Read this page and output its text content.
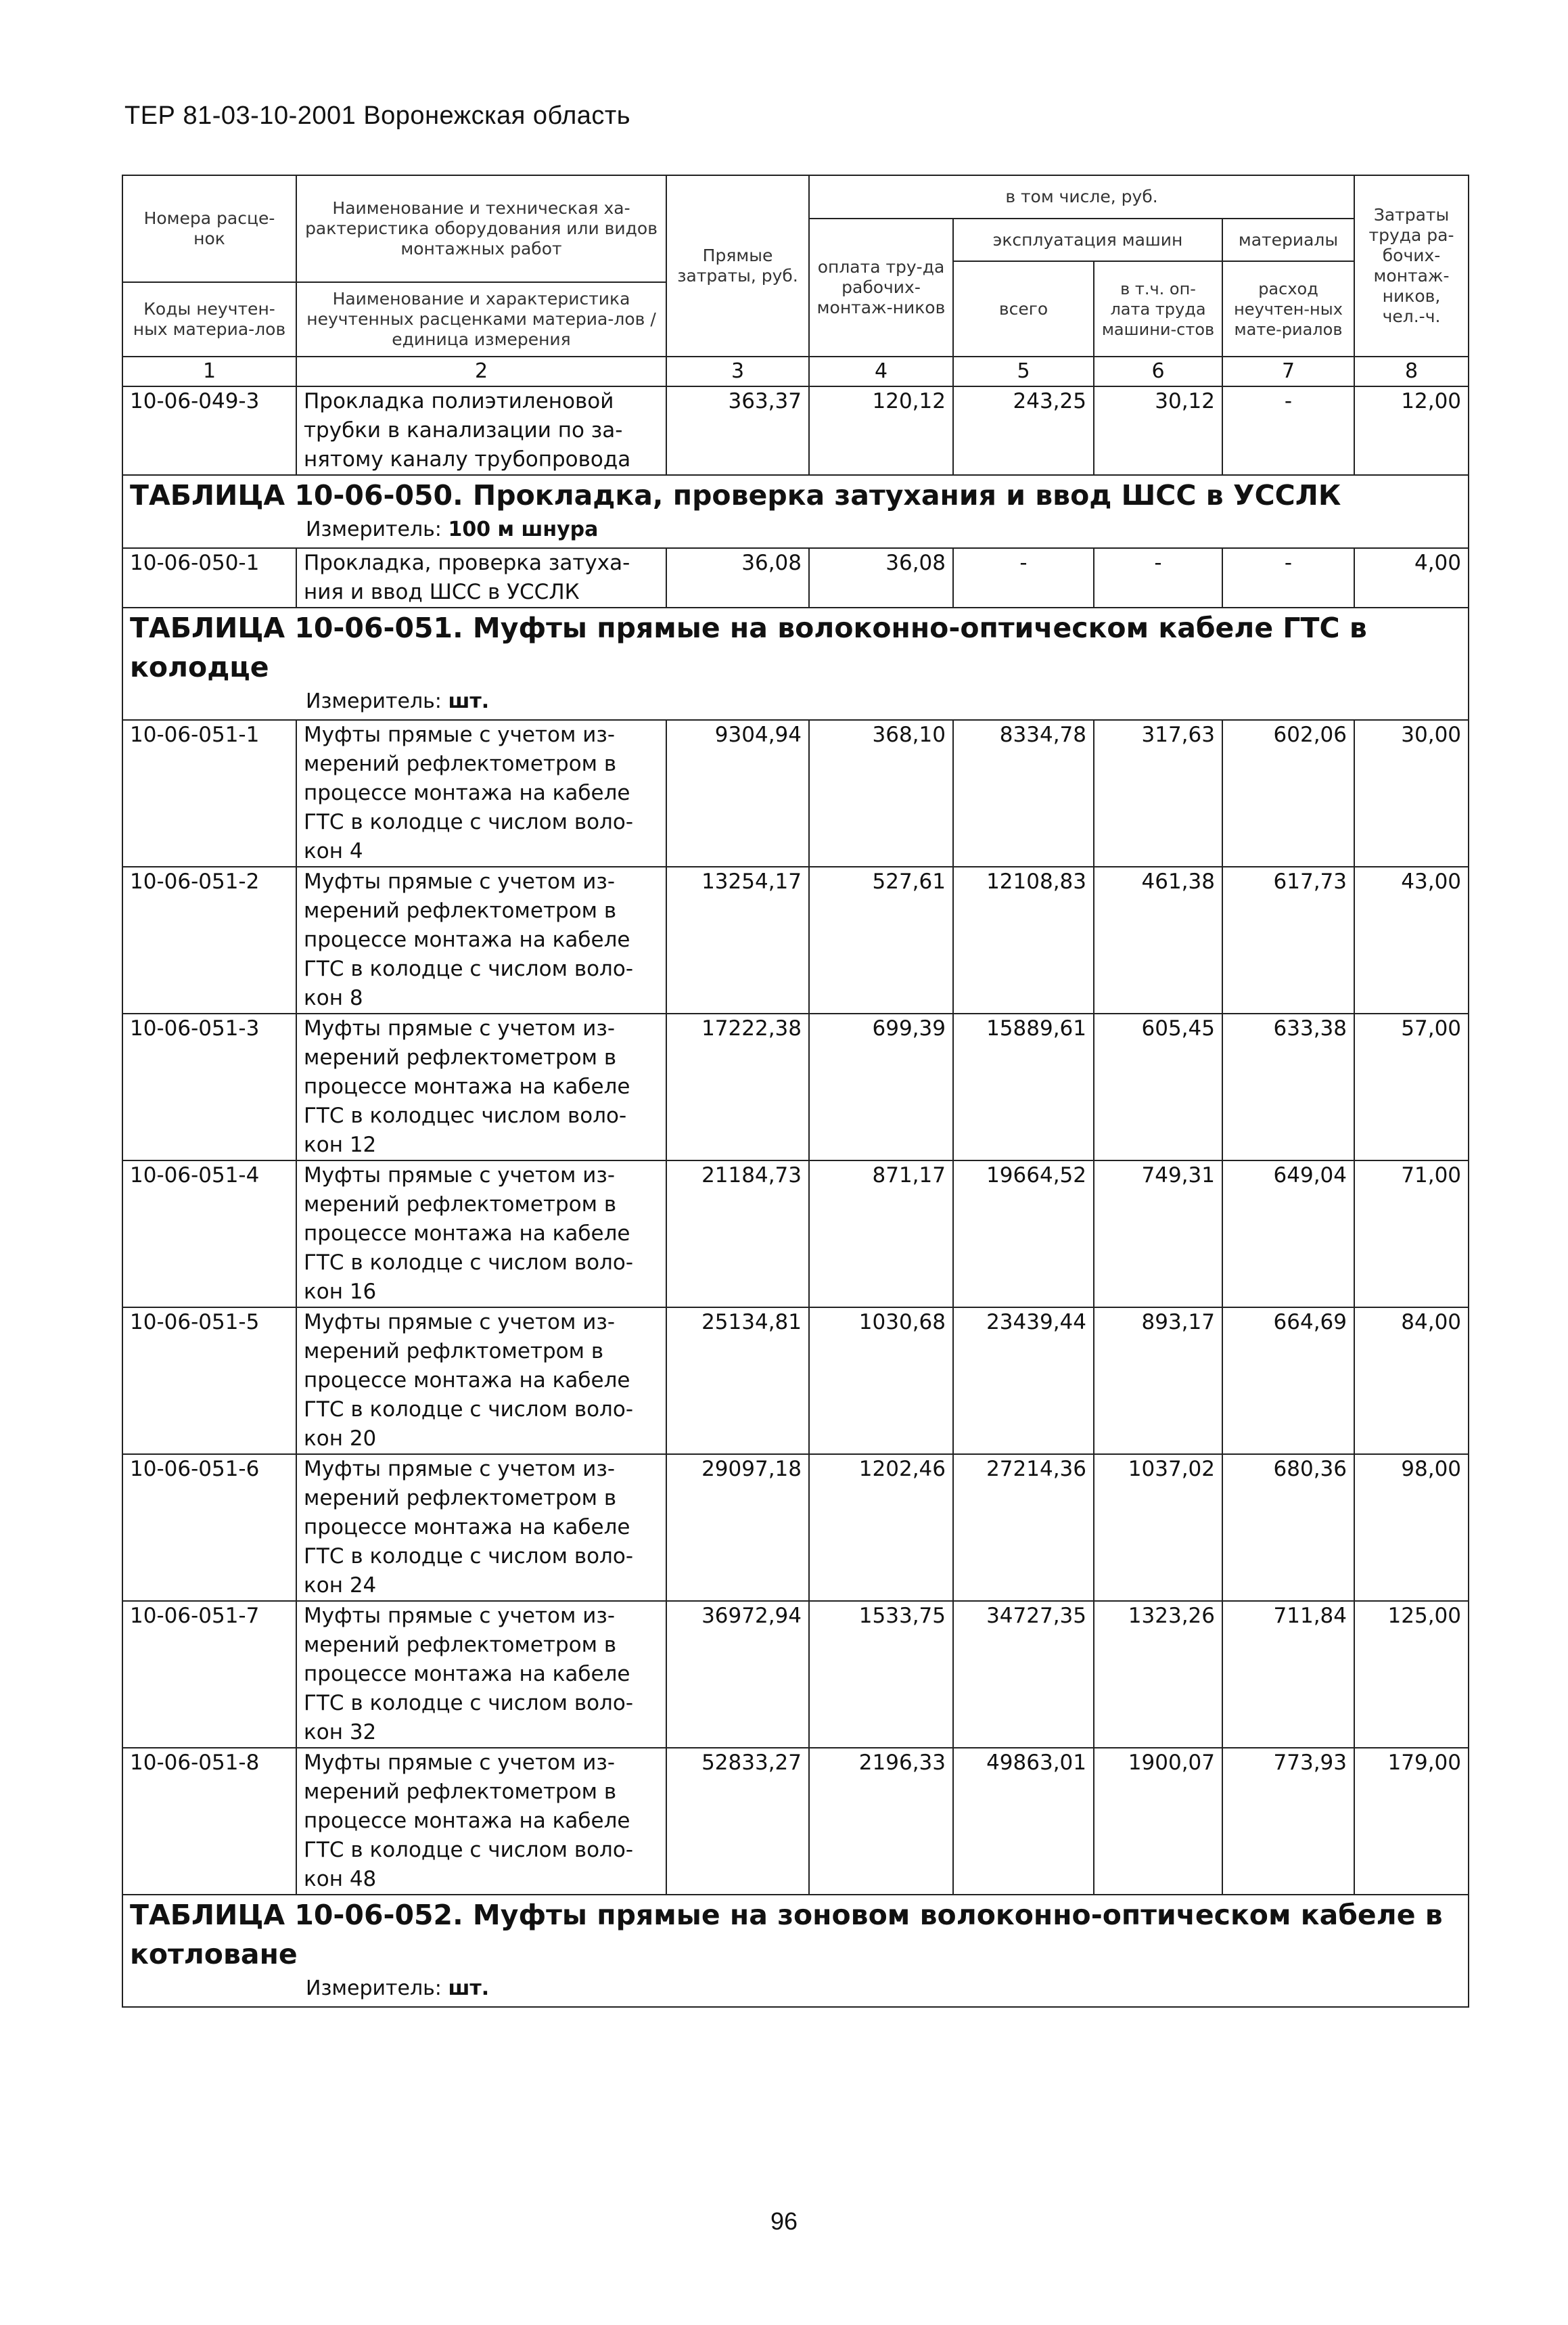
ТЕР 81-03-10-2001 Воронежская область
Номера расце-нок	Наименование и техническая ха-рактеристика оборудования или видов монтажных работ	Прямые затраты, руб.	в том числе, руб.				Затраты труда ра-бочих-монтаж-ников, чел.-ч.
			оплата тру-да рабочих-монтаж-ников	эксплуатация машин		материалы	
				всего	в т.ч. оп-лата труда машини-стов	расход неучтен-ных мате-риалов	
Коды неучтен-ных материа-лов	Наименование и характеристика неучтенных расценками материа-лов / единица измерения						

1	2	3	4	5	6	7	8
10-06-049-3	Прокладка полиэтиленовой трубки в канализации по за-нятому каналу трубопровода	363,37	120,12	243,25	30,12	-	12,00

ТАБЛИЦА 10-06-050. Прокладка, проверка затухания и ввод ШСС в УССЛК
Измеритель: 100 м шнура							

10-06-050-1	Прокладка, проверка затуха-ния и ввод ШСС в УССЛК	36,08	36,08	-	-	-	4,00

ТАБЛИЦА 10-06-051. Муфты прямые на волоконно-оптическом кабеле ГТС в колодце
Измеритель: шт.							

10-06-051-1	Муфты прямые с учетом из-мерений рефлектометром в процессе монтажа на кабеле ГТС в колодце с числом воло-кон 4	9304,94	368,10	8334,78	317,63	602,06	30,00
10-06-051-2	Муфты прямые с учетом из-мерений рефлектометром в процессе монтажа на кабеле ГТС в колодце с числом воло-кон 8	13254,17	527,61	12108,83	461,38	617,73	43,00
10-06-051-3	Муфты прямые с учетом из-мерений рефлектометром в процессе монтажа на кабеле ГТС в колодцес числом воло-кон 12	17222,38	699,39	15889,61	605,45	633,38	57,00
10-06-051-4	Муфты прямые с учетом из-мерений рефлектометром в процессе монтажа на кабеле ГТС в колодце с числом воло-кон 16	21184,73	871,17	19664,52	749,31	649,04	71,00
10-06-051-5	Муфты прямые с учетом из-мерений рефлктометром в процессе монтажа на кабеле ГТС в колодце с числом воло-кон 20	25134,81	1030,68	23439,44	893,17	664,69	84,00
10-06-051-6	Муфты прямые с учетом из-мерений рефлектометром в процессе монтажа на кабеле ГТС в колодце с числом воло-кон 24	29097,18	1202,46	27214,36	1037,02	680,36	98,00
10-06-051-7	Муфты прямые с учетом из-мерений рефлектометром в процессе монтажа на кабеле ГТС в колодце с числом воло-кон 32	36972,94	1533,75	34727,35	1323,26	711,84	125,00
10-06-051-8	Муфты прямые с учетом из-мерений рефлектометром в процессе монтажа на кабеле ГТС в колодце с числом воло-кон 48	52833,27	2196,33	49863,01	1900,07	773,93	179,00

ТАБЛИЦА 10-06-052. Муфты прямые на зоновом волоконно-оптическом кабеле в котловане
Измеритель: шт.							
96
